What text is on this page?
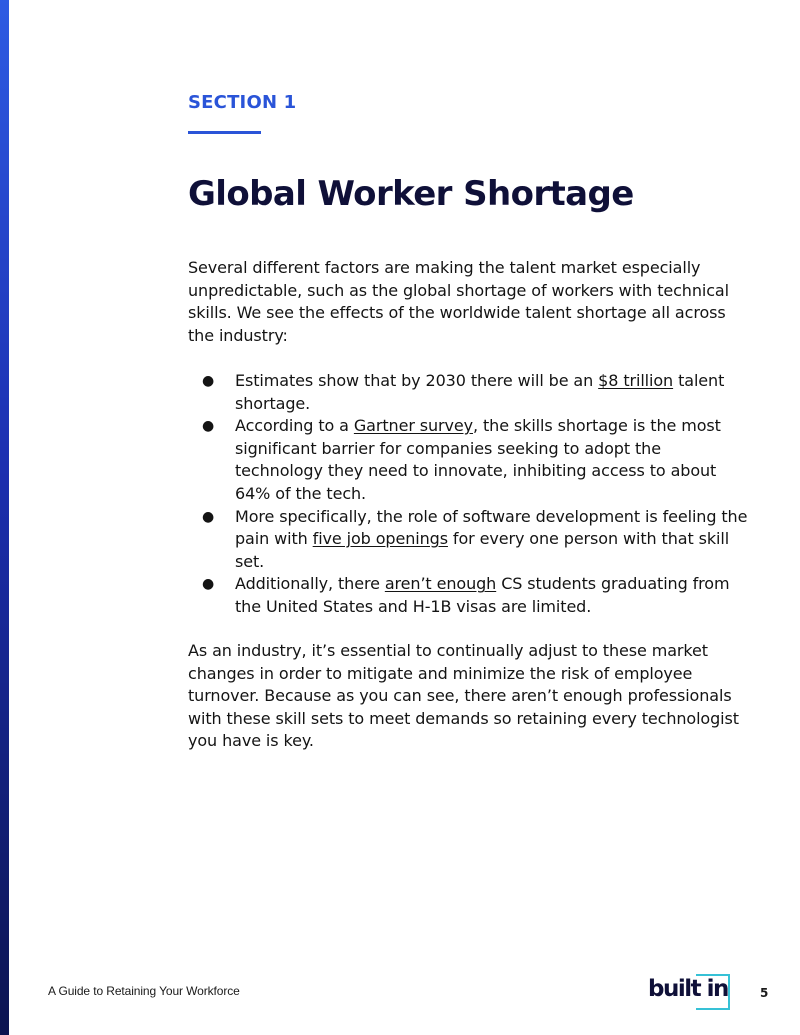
SECTION 1
Global Worker Shortage

Several different factors are making the talent market especially unpredictable, such as the global shortage of workers with technical skills. We see the effects of the worldwide talent shortage all across the industry:

● Estimates show that by 2030 there will be an $8 trillion talent shortage.
● According to a Gartner survey, the skills shortage is the most significant barrier for companies seeking to adopt the technology they need to innovate, inhibiting access to about 64% of the tech.
● More specifically, the role of software development is feeling the pain with five job openings for every one person with that skill set.
● Additionally, there aren’t enough CS students graduating from the United States and H-1B visas are limited.

As an industry, it’s essential to continually adjust to these market changes in order to mitigate and minimize the risk of employee turnover. Because as you can see, there aren’t enough professionals with these skill sets to meet demands so retaining every technologist you have is key.

A Guide to Retaining Your Workforce	built in	5
